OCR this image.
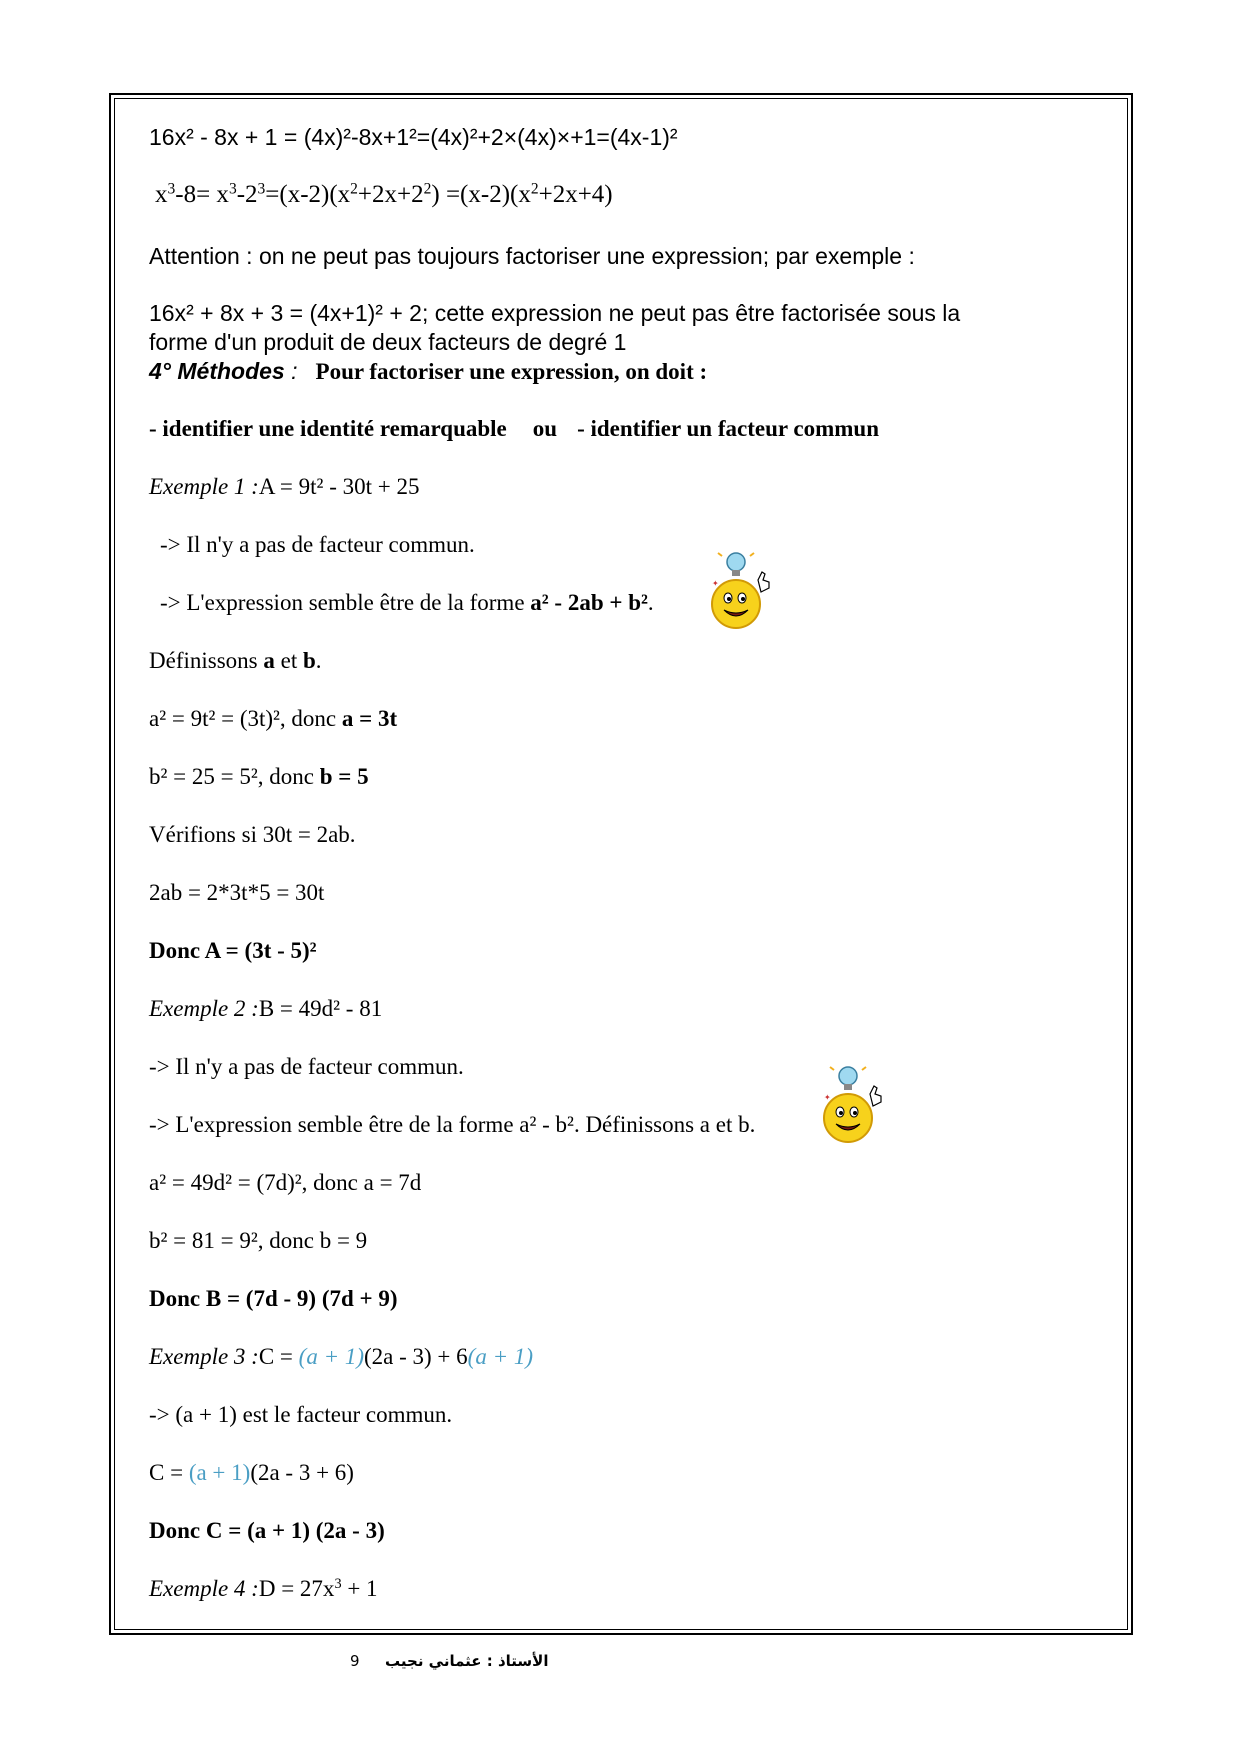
16x² - 8x + 1 = (4x)²-8x+1²=(4x)²+2×(4x)×+1=(4x-1)²
$x^3-8= x^3-2^3=(x-2)(x^2+2x+2^2) =(x-2)(x^2+2x+4)$
Attention : on ne peut pas toujours factoriser une expression; par exemple :
16x² + 8x + 3 = (4x+1)² + 2; cette expression ne peut pas être factorisée sous la
forme d'un produit de deux facteurs de degré 1
4° Méthodes : Pour factoriser une expression, on doit :
- identifier une identité remarquable ou - identifier un facteur commun
Exemple 1 :A = 9t² - 30t + 25
-> Il n'y a pas de facteur commun.
-> L'expression semble être de la forme a² - 2ab + b².
Définissons a et b.
a² = 9t² = (3t)², donc a = 3t
b² = 25 = 5², donc b = 5
Vérifions si 30t = 2ab.
2ab = 2*3t*5 = 30t
Donc A = (3t - 5)²
Exemple 2 :B = 49d² - 81
-> Il n'y a pas de facteur commun.
-> L'expression semble être de la forme a² - b². Définissons a et b.
a² = 49d² = (7d)², donc a = 7d
b² = 81 = 9², donc b = 9
Donc B = (7d - 9) (7d + 9)
Exemple 3 :C = (a + 1)(2a - 3) + 6(a + 1)
-> (a + 1) est le facteur commun.
C = (a + 1)(2a - 3 + 6)
Donc C = (a + 1) (2a - 3)
Exemple 4 :D = $27x^3 + 1$
✦
✦
9 الأستاذ : عثماني نجيب
